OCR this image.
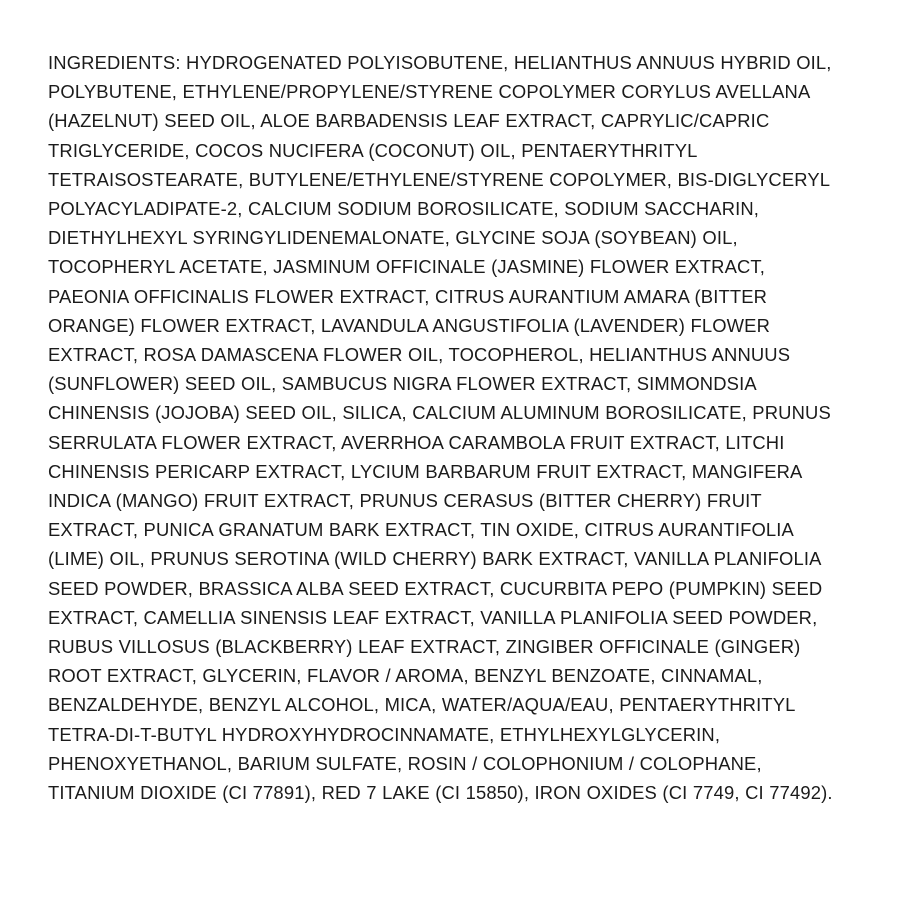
INGREDIENTS: HYDROGENATED POLYISOBUTENE, HELIANTHUS ANNUUS HYBRID OIL, POLYBUTENE, ETHYLENE/PROPYLENE/STYRENE COPOLYMER CORYLUS AVELLANA (HAZELNUT) SEED OIL, ALOE BARBADENSIS LEAF EXTRACT, CAPRYLIC/CAPRIC TRIGLYCERIDE, COCOS NUCIFERA (COCONUT) OIL, PENTAERYTHRITYL TETRAISOSTEARATE, BUTYLENE/ETHYLENE/STYRENE COPOLYMER, BIS-DIGLYCERYL POLYACYLADIPATE-2, CALCIUM SODIUM BOROSILICATE, SODIUM SACCHARIN, DIETHYLHEXYL SYRINGYLIDENEMALONATE, GLYCINE SOJA (SOYBEAN) OIL, TOCOPHERYL ACETATE, JASMINUM OFFICINALE (JASMINE) FLOWER EXTRACT, PAEONIA OFFICINALIS FLOWER EXTRACT, CITRUS AURANTIUM AMARA (BITTER ORANGE) FLOWER EXTRACT, LAVANDULA ANGUSTIFOLIA (LAVENDER) FLOWER EXTRACT, ROSA DAMASCENA FLOWER OIL, TOCOPHEROL, HELIANTHUS ANNUUS (SUNFLOWER) SEED OIL, SAMBUCUS NIGRA FLOWER EXTRACT, SIMMONDSIA CHINENSIS (JOJOBA) SEED OIL, SILICA, CALCIUM ALUMINUM BOROSILICATE, PRUNUS SERRULATA FLOWER EXTRACT, AVERRHOA CARAMBOLA FRUIT EXTRACT, LITCHI CHINENSIS PERICARP EXTRACT, LYCIUM BARBARUM FRUIT EXTRACT, MANGIFERA INDICA (MANGO) FRUIT EXTRACT, PRUNUS CERASUS (BITTER CHERRY) FRUIT EXTRACT, PUNICA GRANATUM BARK EXTRACT, TIN OXIDE, CITRUS AURANTIFOLIA (LIME) OIL, PRUNUS SEROTINA (WILD CHERRY) BARK EXTRACT, VANILLA PLANIFOLIA SEED POWDER, BRASSICA ALBA SEED EXTRACT, CUCURBITA PEPO (PUMPKIN) SEED EXTRACT, CAMELLIA SINENSIS LEAF EXTRACT, VANILLA PLANIFOLIA SEED POWDER, RUBUS VILLOSUS (BLACKBERRY) LEAF EXTRACT, ZINGIBER OFFICINALE (GINGER) ROOT EXTRACT, GLYCERIN, FLAVOR / AROMA, BENZYL BENZOATE, CINNAMAL, BENZALDEHYDE, BENZYL ALCOHOL, MICA, WATER/AQUA/EAU, PENTAERYTHRITYL TETRA-DI-T-BUTYL HYDROXYHYDROCINNAMATE, ETHYLHEXYLGLYCERIN, PHENOXYETHANOL, BARIUM SULFATE, ROSIN / COLOPHONIUM / COLOPHANE, TITANIUM DIOXIDE (CI 77891), RED 7 LAKE (CI 15850), IRON OXIDES (CI 7749, CI 77492).
